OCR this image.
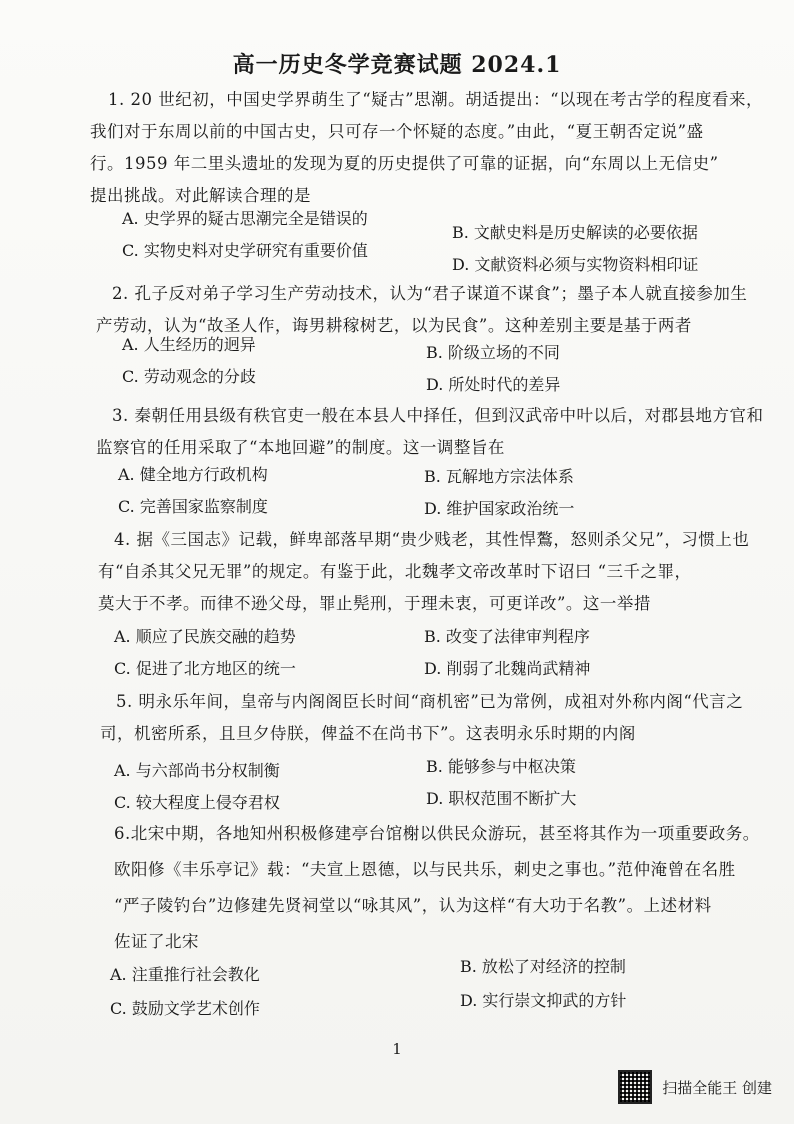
高一历史冬学竞赛试题 2024.1
1. 20 世纪初，中国史学界萌生了“疑古”思潮。胡适提出：“以现在考古学的程度看来，
我们对于东周以前的中国古史，只可存一个怀疑的态度。”由此，“夏王朝否定说”盛
行。1959 年二里头遗址的发现为夏的历史提供了可靠的证据，向“东周以上无信史”
提出挑战。对此解读合理的是
A. 史学界的疑古思潮完全是错误的
B. 文献史料是历史解读的必要依据
C. 实物史料对史学研究有重要价值
D. 文献资料必须与实物资料相印证
2. 孔子反对弟子学习生产劳动技术，认为“君子谋道不谋食”；墨子本人就直接参加生
产劳动，认为“故圣人作，诲男耕稼树艺，以为民食”。这种差别主要是基于两者
A. 人生经历的迥异	B. 阶级立场的不同
C. 劳动观念的分歧	D. 所处时代的差异
3. 秦朝任用县级有秩官吏一般在本县人中择任，但到汉武帝中叶以后，对郡县地方官和
监察官的任用采取了“本地回避”的制度。这一调整旨在
A. 健全地方行政机构	B. 瓦解地方宗法体系
C. 完善国家监察制度	D. 维护国家政治统一
4. 据《三国志》记载，鲜卑部落早期“贵少贱老，其性悍鷔，怒则杀父兄”，习惯上也
有“自杀其父兄无罪”的规定。有鉴于此，北魏孝文帝改革时下诏曰 “三千之罪，
莫大于不孝。而律不逊父母，罪止髡刑，于理未衷，可更详改”。这一举措
A. 顺应了民族交融的趋势	B. 改变了法律审判程序
C. 促进了北方地区的统一	D. 削弱了北魏尚武精神
5. 明永乐年间，皇帝与内阁阁臣长时间“商机密”已为常例，成祖对外称内阁“代言之
司，机密所系，且旦夕侍朕，俾益不在尚书下”。这表明永乐时期的内阁
A. 与六部尚书分权制衡	B. 能够参与中枢决策
C. 较大程度上侵夺君权	D. 职权范围不断扩大
6.北宋中期，各地知州积极修建亭台馆榭以供民众游玩，甚至将其作为一项重要政务。
欧阳修《丰乐亭记》载：“夫宣上恩德，以与民共乐，刺史之事也。”范仲淹曾在名胜
“严子陵钓台”边修建先贤祠堂以“咏其风”，认为这样“有大功于名教”。上述材料
佐证了北宋
A. 注重推行社会教化	B. 放松了对经济的控制
C. 鼓励文学艺术创作	D. 实行崇文抑武的方针
1
扫描全能王 创建
